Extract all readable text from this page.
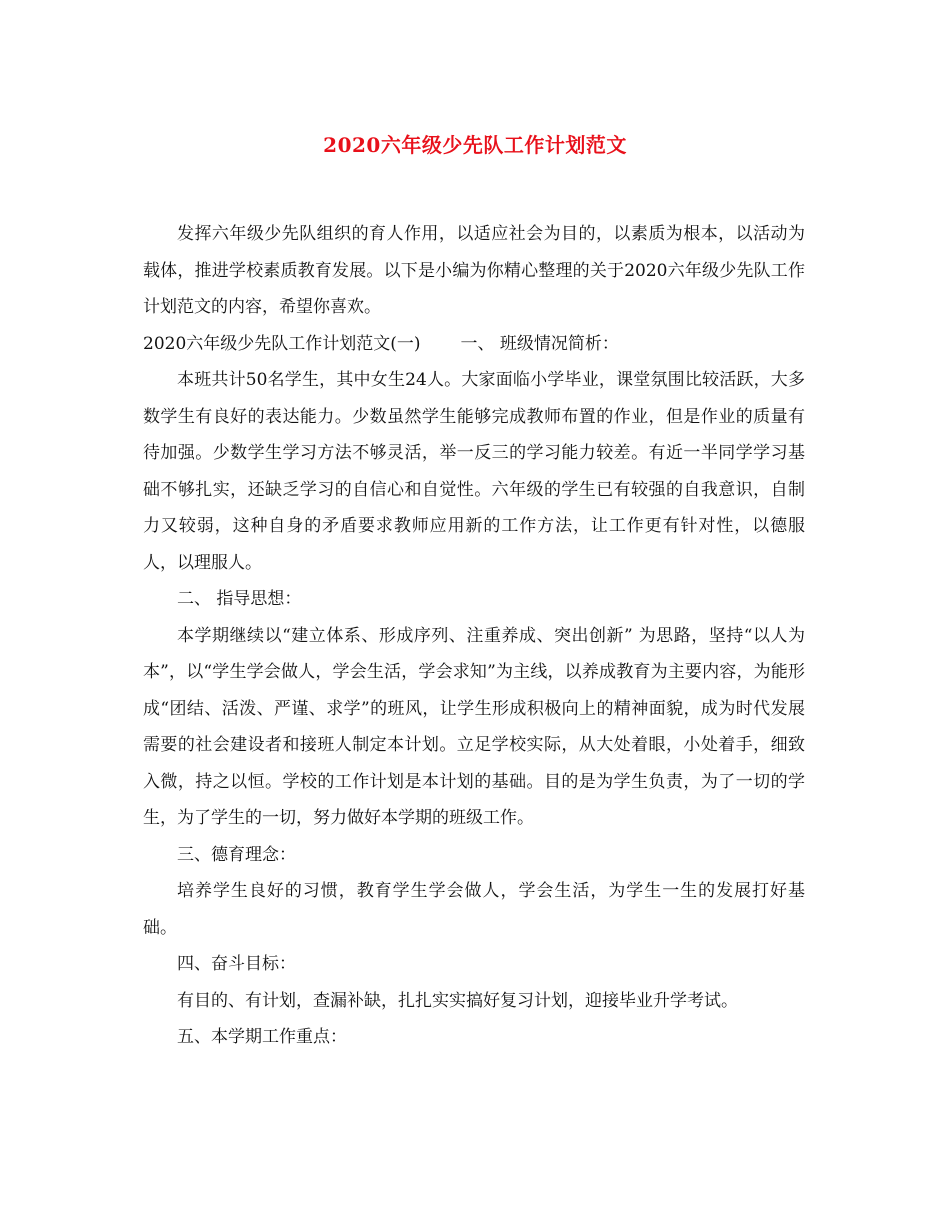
2020六年级少先队工作计划范文

发挥六年级少先队组织的育人作用，以适应社会为目的，以素质为根本，以活动为载体，推进学校素质教育发展。以下是小编为你精心整理的关于2020六年级少先队工作计划范文的内容，希望你喜欢。

2020六年级少先队工作计划范文(一) 一、 班级情况简析：

本班共计50名学生，其中女生24人。大家面临小学毕业，课堂氛围比较活跃，大多数学生有良好的表达能力。少数虽然学生能够完成教师布置的作业，但是作业的质量有待加强。少数学生学习方法不够灵活，举一反三的学习能力较差。有近一半同学学习基础不够扎实，还缺乏学习的自信心和自觉性。六年级的学生已有较强的自我意识，自制力又较弱，这种自身的矛盾要求教师应用新的工作方法，让工作更有针对性，以德服人，以理服人。

二、 指导思想：

本学期继续以“建立体系、形成序列、注重养成、突出创新” 为思路，坚持“以人为本”，以“学生学会做人，学会生活，学会求知”为主线，以养成教育为主要内容，为能形成“团结、活泼、严谨、求学”的班风，让学生形成积极向上的精神面貌，成为时代发展需要的社会建设者和接班人制定本计划。立足学校实际，从大处着眼，小处着手，细致入微，持之以恒。学校的工作计划是本计划的基础。目的是为学生负责，为了一切的学生，为了学生的一切，努力做好本学期的班级工作。

三、德育理念：

培养学生良好的习惯，教育学生学会做人，学会生活，为学生一生的发展打好基础。

四、奋斗目标：

有目的、有计划，查漏补缺，扎扎实实搞好复习计划，迎接毕业升学考试。

五、本学期工作重点：
